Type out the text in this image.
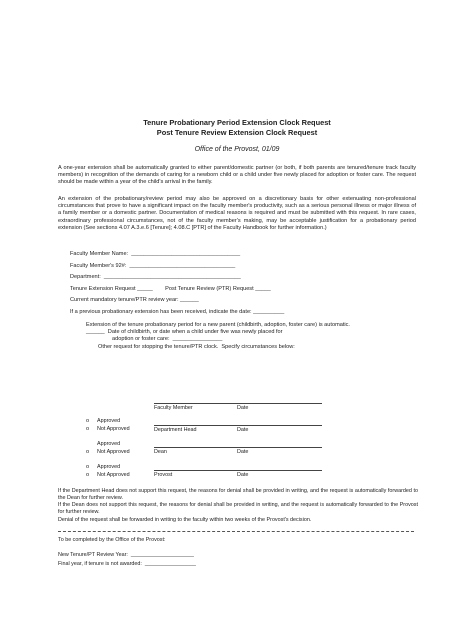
Tenure Probationary Period Extension Clock Request
Post Tenure Review Extension Clock Request
Office of the Provost, 01/09
A one-year extension shall be automatically granted to either parent/domestic partner (or both, if both parents are tenured/tenure track faculty members) in recognition of the demands of caring for a newborn child or a child under five newly placed for adoption or foster care. The request should be made within a year of the child's arrival in the family.
An extension of the probationary/review period may also be approved on a discretionary basis for other extenuating non-professional circumstances that prove to have a significant impact on the faculty member's productivity, such as a serious personal illness or major illness of a family member or a domestic partner. Documentation of medical reasons is required and must be submitted with this request. In rare cases, extraordinary professional circumstances, not of the faculty member's making, may be acceptable justification for a probationary period extension (See sections 4.07 A.3.e.6 [Tenure]; 4.08.C [PTR] of the Faculty Handbook for further information.)
Faculty Member Name:  ___________________________________
Faculty Member's 92#:  __________________________________
Department:  ____________________________________________
Tenure Extension Request _____        Post Tenure Review (PTR) Request _____
Current mandatory tenure/PTR review year: ______
If a previous probationary extension has been received, indicate the date: __________
Extension of the tenure probationary period for a new parent (childbirth, adoption, foster care) is automatic.
______  Date of childbirth, or date when a child under five was newly placed for
adoption or foster care:  ________________
Other request for stopping the tenure/PTR clock.  Specify circumstances below:
Faculty Member	Date
o Approved
o Not Approved	Department Head	Date
Approved
o Not Approved	Dean	Date
o Approved
o Not Approved	Provost	Date
If the Department Head does not support this request, the reasons for denial shall be provided in writing, and the request is automatically forwarded to the Dean for further review.
If the Dean does not support this request, the reasons for denial shall be provided in writing, and the request is automatically forwarded to the Provost for further review.
Denial of the request shall be forwarded in writing to the faculty within two weeks of the Provost's decision.
To be completed by the Office of the Provost:
New Tenure/PT Review Year:  _____________________
Final year, if tenure is not awarded:  _________________
